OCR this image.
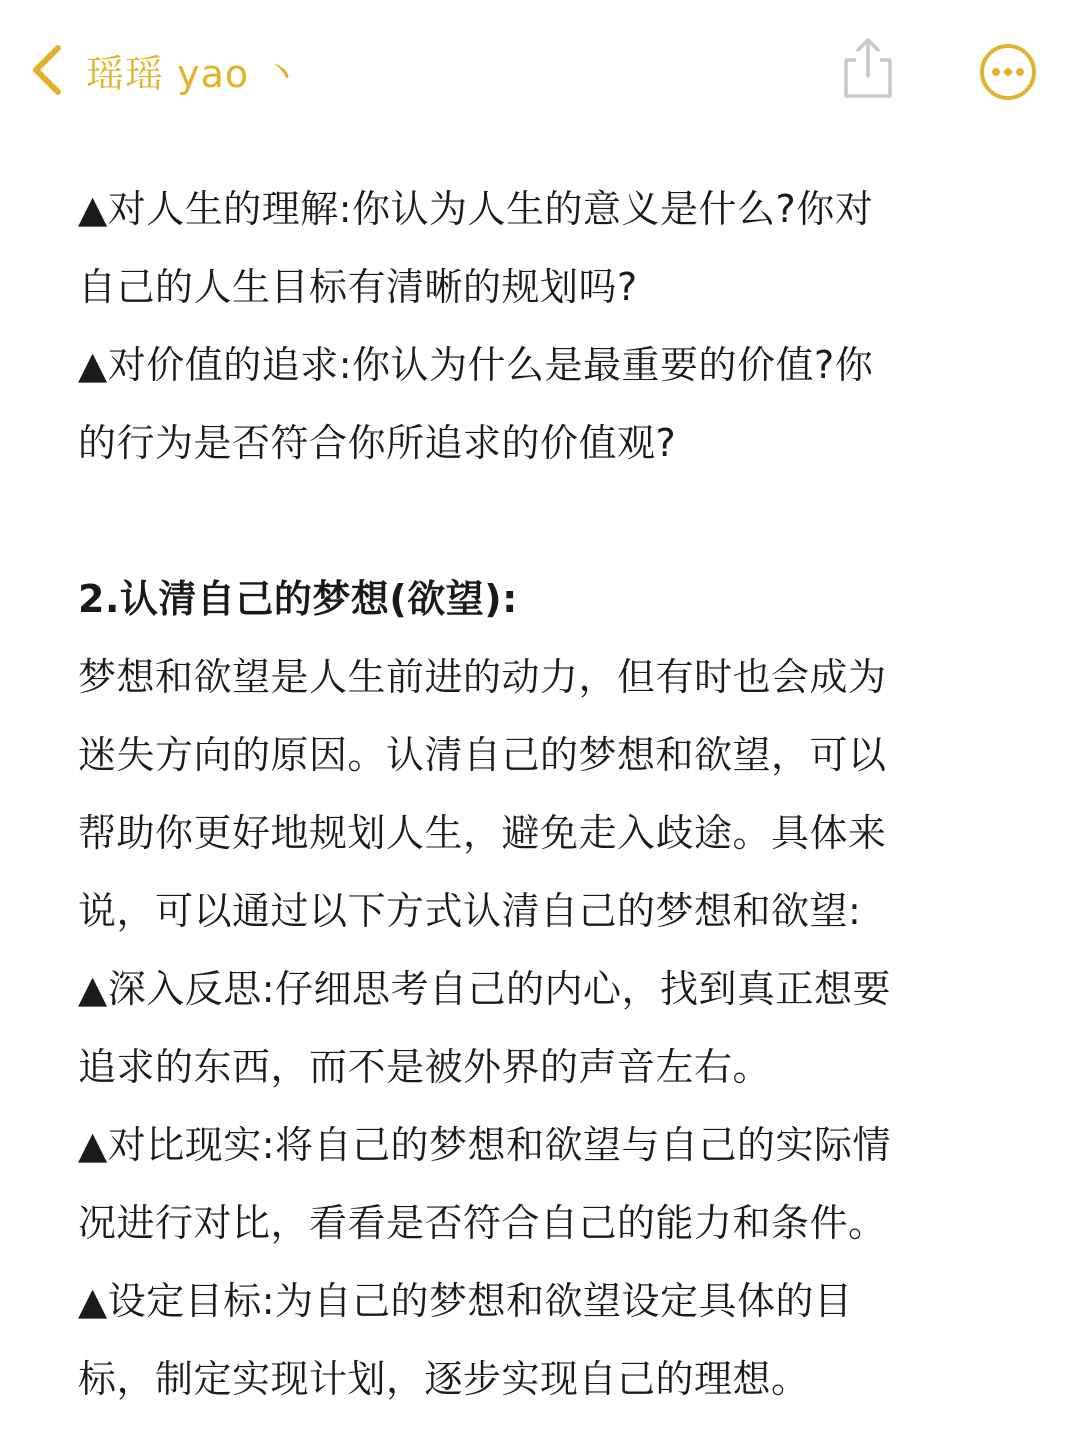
瑶瑶 yao 丶
▲对人生的理解:你认为人生的意义是什么?你对
自己的人生目标有清晰的规划吗?
▲对价值的追求:你认为什么是最重要的价值?你
的行为是否符合你所追求的价值观?
2.认清自己的梦想(欲望):
梦想和欲望是人生前进的动力，但有时也会成为
迷失方向的原因。认清自己的梦想和欲望，可以
帮助你更好地规划人生，避免走入歧途。具体来
说，可以通过以下方式认清自己的梦想和欲望:
▲深入反思:仔细思考自己的内心，找到真正想要
追求的东西，而不是被外界的声音左右。
▲对比现实:将自己的梦想和欲望与自己的实际情
况进行对比，看看是否符合自己的能力和条件。
▲设定目标:为自己的梦想和欲望设定具体的目
标，制定实现计划，逐步实现自己的理想。
